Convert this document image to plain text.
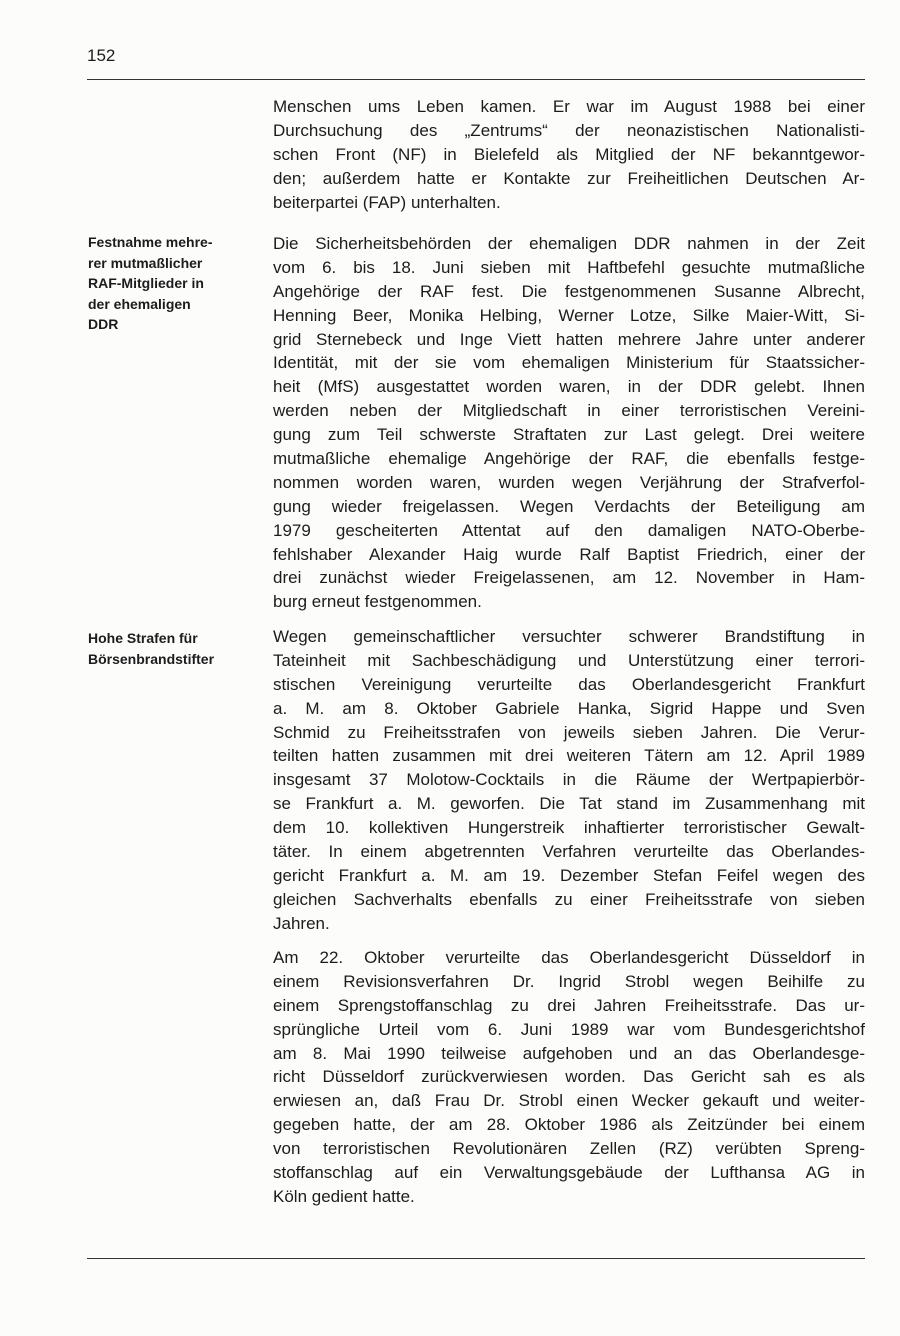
152
Festnahme mehre-
rer mutmaßlicher
RAF-Mitglieder in
der ehemaligen
DDR
Hohe Strafen für
Börsenbrandstifter
Menschen ums Leben kamen. Er war im August 1988 bei einer
Durchsuchung des „Zentrums“ der neonazistischen Nationalisti-
schen Front (NF) in Bielefeld als Mitglied der NF bekanntgewor-
den; außerdem hatte er Kontakte zur Freiheitlichen Deutschen Ar-
beiterpartei (FAP) unterhalten.
Die Sicherheitsbehörden der ehemaligen DDR nahmen in der Zeit
vom 6. bis 18. Juni sieben mit Haftbefehl gesuchte mutmaßliche
Angehörige der RAF fest. Die festgenommenen Susanne Albrecht,
Henning Beer, Monika Helbing, Werner Lotze, Silke Maier-Witt, Si-
grid Sternebeck und Inge Viett hatten mehrere Jahre unter anderer
Identität, mit der sie vom ehemaligen Ministerium für Staatssicher-
heit (MfS) ausgestattet worden waren, in der DDR gelebt. Ihnen
werden neben der Mitgliedschaft in einer terroristischen Vereini-
gung zum Teil schwerste Straftaten zur Last gelegt. Drei weitere
mutmaßliche ehemalige Angehörige der RAF, die ebenfalls festge-
nommen worden waren, wurden wegen Verjährung der Strafverfol-
gung wieder freigelassen. Wegen Verdachts der Beteiligung am
1979 gescheiterten Attentat auf den damaligen NATO-Oberbe-
fehlshaber Alexander Haig wurde Ralf Baptist Friedrich, einer der
drei zunächst wieder Freigelassenen, am 12. November in Ham-
burg erneut festgenommen.
Wegen gemeinschaftlicher versuchter schwerer Brandstiftung in
Tateinheit mit Sachbeschädigung und Unterstützung einer terrori-
stischen Vereinigung verurteilte das Oberlandesgericht Frankfurt
a. M. am 8. Oktober Gabriele Hanka, Sigrid Happe und Sven
Schmid zu Freiheitsstrafen von jeweils sieben Jahren. Die Verur-
teilten hatten zusammen mit drei weiteren Tätern am 12. April 1989
insgesamt 37 Molotow-Cocktails in die Räume der Wertpapierbör-
se Frankfurt a. M. geworfen. Die Tat stand im Zusammenhang mit
dem 10. kollektiven Hungerstreik inhaftierter terroristischer Gewalt-
täter. In einem abgetrennten Verfahren verurteilte das Oberlandes-
gericht Frankfurt a. M. am 19. Dezember Stefan Feifel wegen des
gleichen Sachverhalts ebenfalls zu einer Freiheitsstrafe von sieben
Jahren.
Am 22. Oktober verurteilte das Oberlandesgericht Düsseldorf in
einem Revisionsverfahren Dr. Ingrid Strobl wegen Beihilfe zu
einem Sprengstoffanschlag zu drei Jahren Freiheitsstrafe. Das ur-
sprüngliche Urteil vom 6. Juni 1989 war vom Bundesgerichtshof
am 8. Mai 1990 teilweise aufgehoben und an das Oberlandesge-
richt Düsseldorf zurückverwiesen worden. Das Gericht sah es als
erwiesen an, daß Frau Dr. Strobl einen Wecker gekauft und weiter-
gegeben hatte, der am 28. Oktober 1986 als Zeitzünder bei einem
von terroristischen Revolutionären Zellen (RZ) verübten Spreng-
stoffanschlag auf ein Verwaltungsgebäude der Lufthansa AG in
Köln gedient hatte.
